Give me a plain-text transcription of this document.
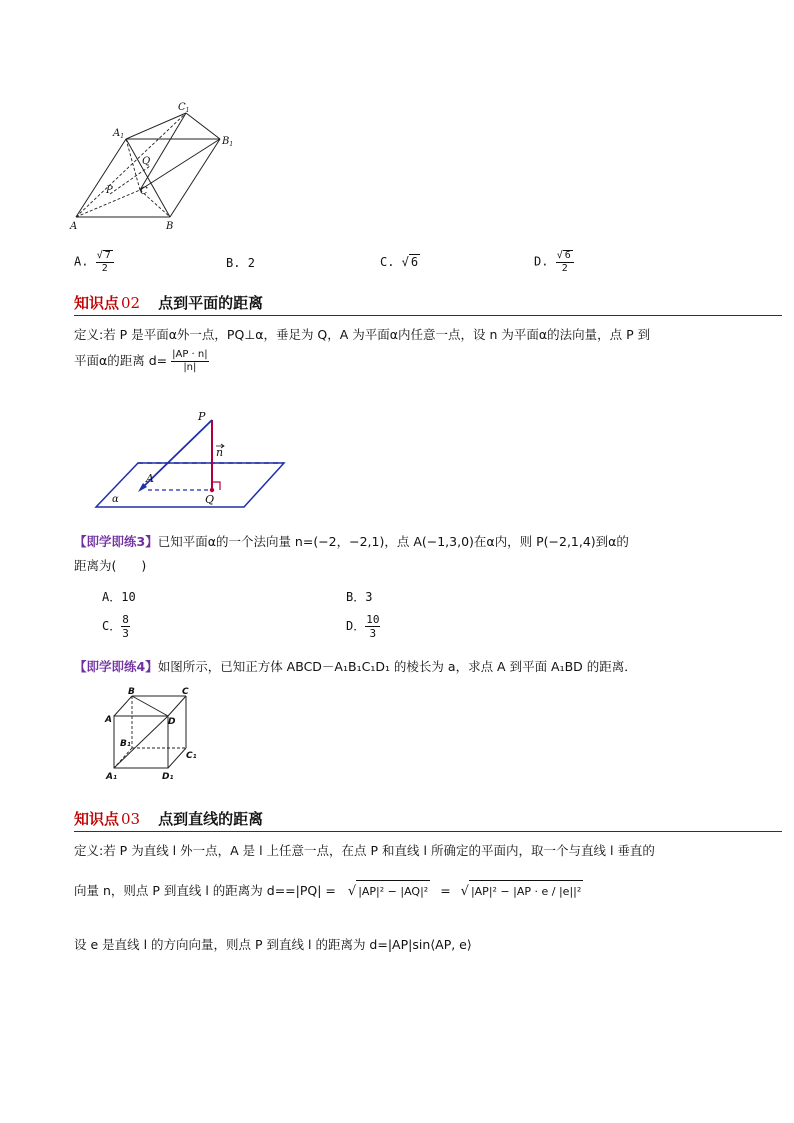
$C_1$
$A_1$	$B_1$
Q
P	C
A	B
A. $\frac{√ 7}{2}$	B. 2	C. √ 6	D. $\frac{√ 6}{2}$
知识点 02 点到平面的距离
定义:若 P 是平面α外一点，PQ⊥α，垂足为 Q，A 为平面α内任意一点，设 n 为平面α的法向量，点 P 到
平面α的距离 $d= \frac{|AP \cdot n|}{|n|}$
P
n
A
Q
α
【即学即练3】已知平面α的一个法向量 n=(−2，−2,1)，点 A(−1,3,0)在α内，则 P(−2,1,4)到α的
距离为(　　)
A．10	B．3
C． $\frac{8}{3}$	D． $\frac{10}{3}$
【即学即练4】如图所示，已知正方体 ABCD－A₁B₁C₁D₁ 的棱长为 a，求点 A 到平面 A₁BD 的距离．
B	C
A	D
B₁
C₁
A₁	D₁
知识点 03 点到直线的距离
定义:若 P 为直线 l 外一点，A 是 l 上任意一点，在点 P 和直线 l 所确定的平面内，取一个与直线 l 垂直的
向量 n，则点 P 到直线 l 的距离为 d==|PQ| = √ |AP|² − |AQ|² = √ |AP|² − |AP · e / |e||²
设 e 是直线 l 的方向向量，则点 P 到直线 l 的距离为 d=|AP|sin⟨AP, e⟩
